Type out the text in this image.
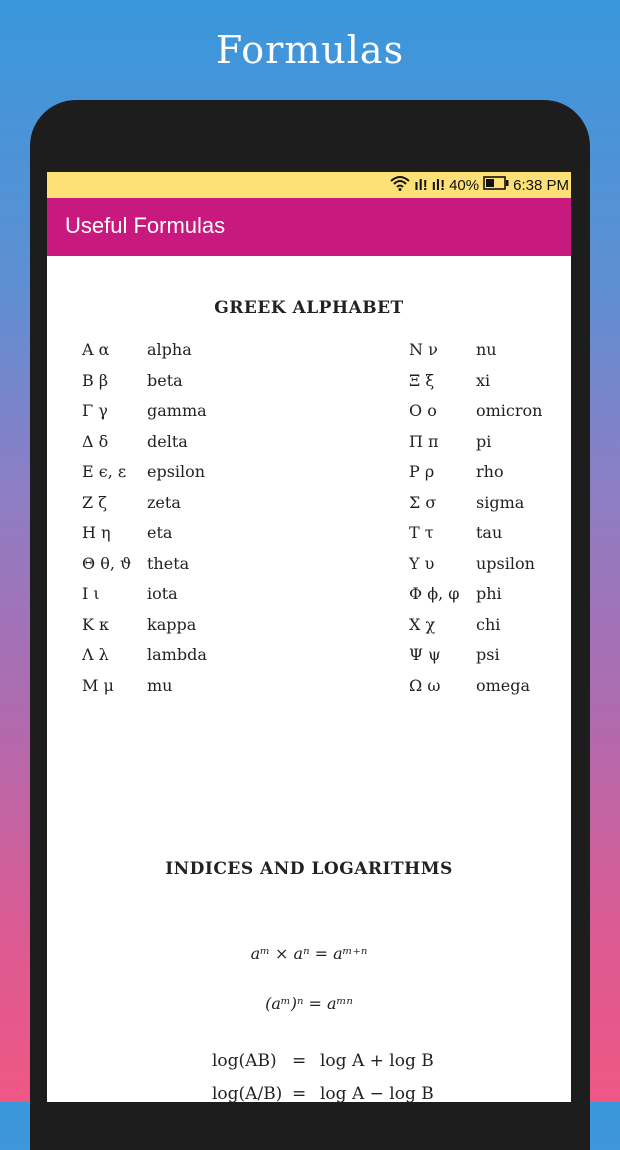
Formulas
ıl! ıl! 40% 6:38 PM
Useful Formulas
GREEK ALPHABET
A α alpha
B β beta
Γ γ gamma
Δ δ delta
E ϵ, ε epsilon
Z ζ	zeta
H η eta
Θ θ, ϑ theta
I ι	iota
K κ kappa
Λ λ lambda
M μ mu
N ν nu
Ξ ξ	xi
O o omicron
Π π pi
P ρ	rho
Σ σ sigma
T τ	tau
Υ υ	upsilon
Φ ϕ, φ phi
X χ	chi
Ψ ψ psi
Ω ω omega
INDICES AND LOGARITHMS
aᵐ × aⁿ = aᵐ⁺ⁿ
(aᵐ)ⁿ = aᵐⁿ
log(AB) = log A + log B
log(A/B) = log A − log B
